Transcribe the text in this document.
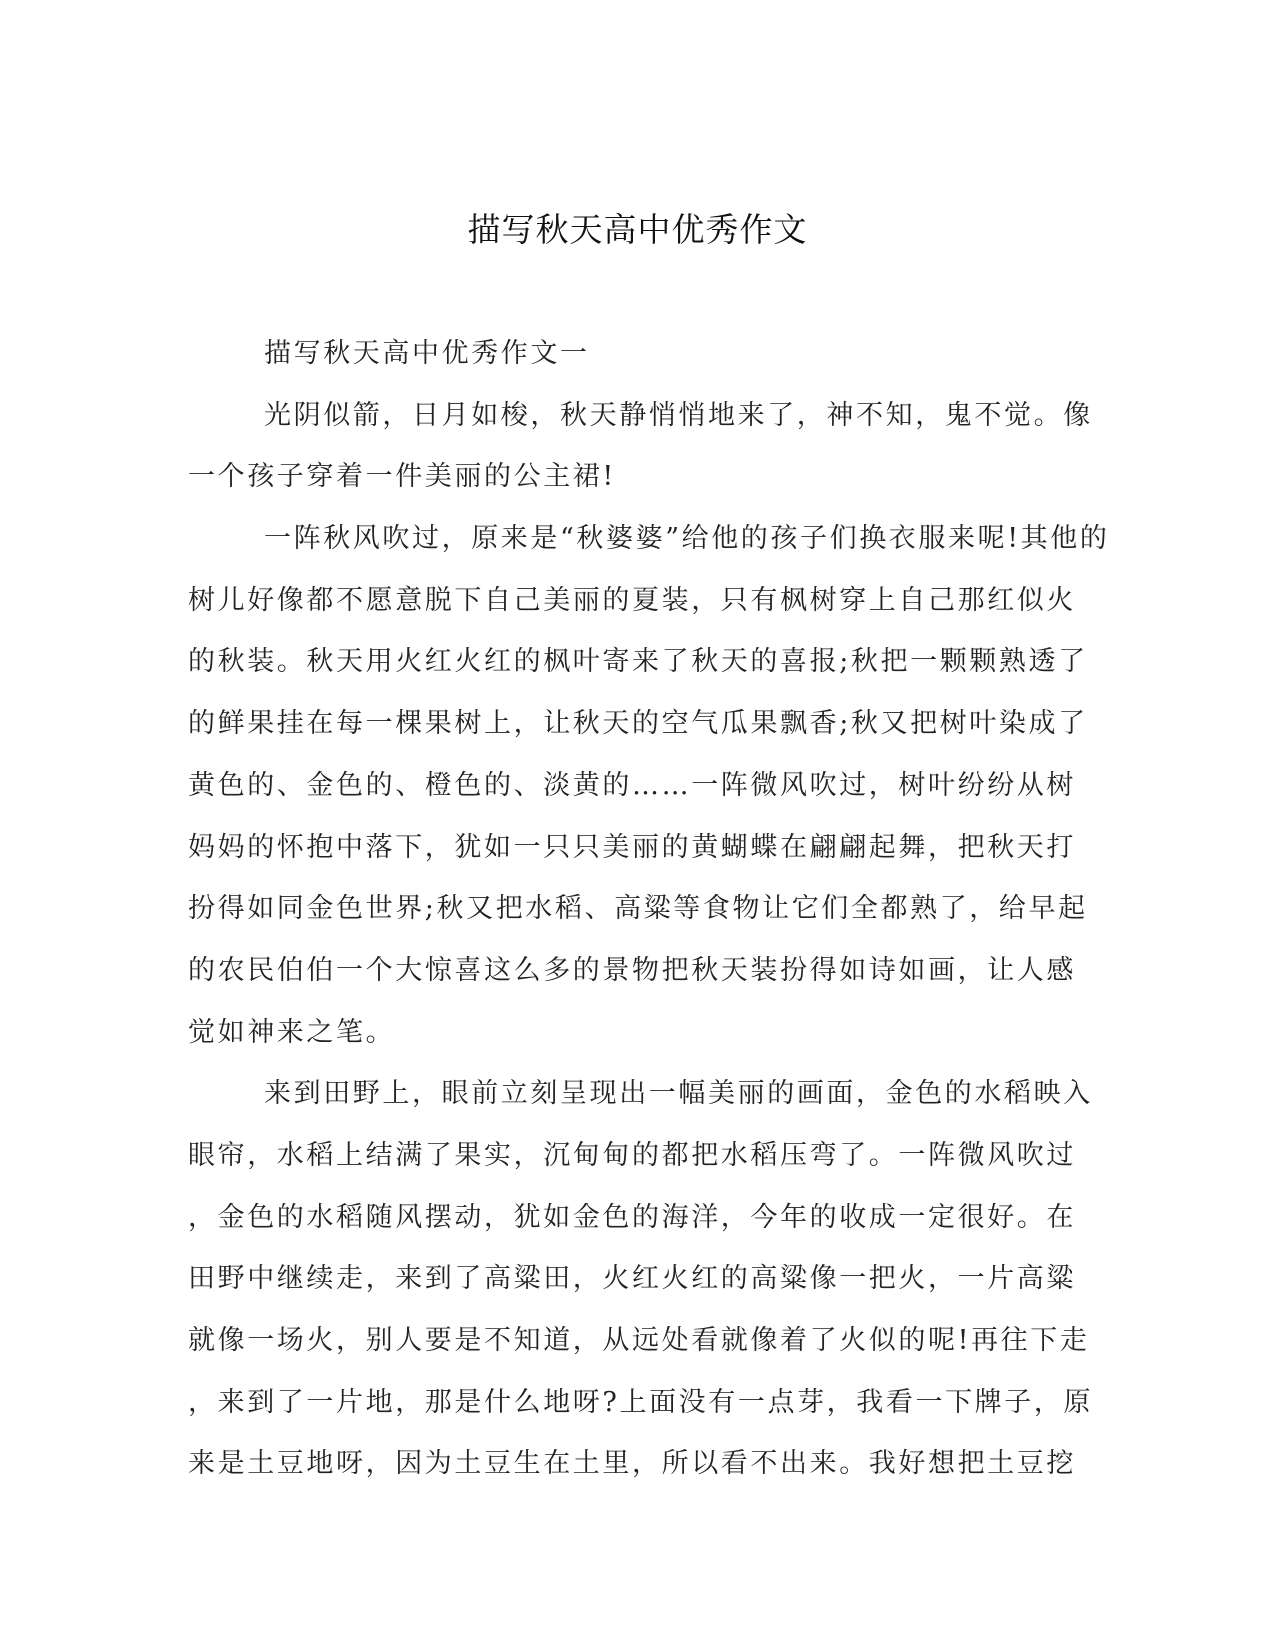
描写秋天高中优秀作文
描写秋天高中优秀作文一
光阴似箭，日月如梭，秋天静悄悄地来了，神不知，鬼不觉。像
一个孩子穿着一件美丽的公主裙!
一阵秋风吹过，原来是“秋婆婆”给他的孩子们换衣服来呢!其他的
树儿好像都不愿意脱下自己美丽的夏装，只有枫树穿上自己那红似火
的秋装。秋天用火红火红的枫叶寄来了秋天的喜报;秋把一颗颗熟透了
的鲜果挂在每一棵果树上，让秋天的空气瓜果飘香;秋又把树叶染成了
黄色的、金色的、橙色的、淡黄的……一阵微风吹过，树叶纷纷从树
妈妈的怀抱中落下，犹如一只只美丽的黄蝴蝶在翩翩起舞，把秋天打
扮得如同金色世界;秋又把水稻、高粱等食物让它们全都熟了，给早起
的农民伯伯一个大惊喜这么多的景物把秋天装扮得如诗如画，让人感
觉如神来之笔。
来到田野上，眼前立刻呈现出一幅美丽的画面，金色的水稻映入
眼帘，水稻上结满了果实，沉甸甸的都把水稻压弯了。一阵微风吹过
，金色的水稻随风摆动，犹如金色的海洋，今年的收成一定很好。在
田野中继续走，来到了高粱田，火红火红的高粱像一把火，一片高粱
就像一场火，别人要是不知道，从远处看就像着了火似的呢!再往下走
，来到了一片地，那是什么地呀?上面没有一点芽，我看一下牌子，原
来是土豆地呀，因为土豆生在土里，所以看不出来。我好想把土豆挖
